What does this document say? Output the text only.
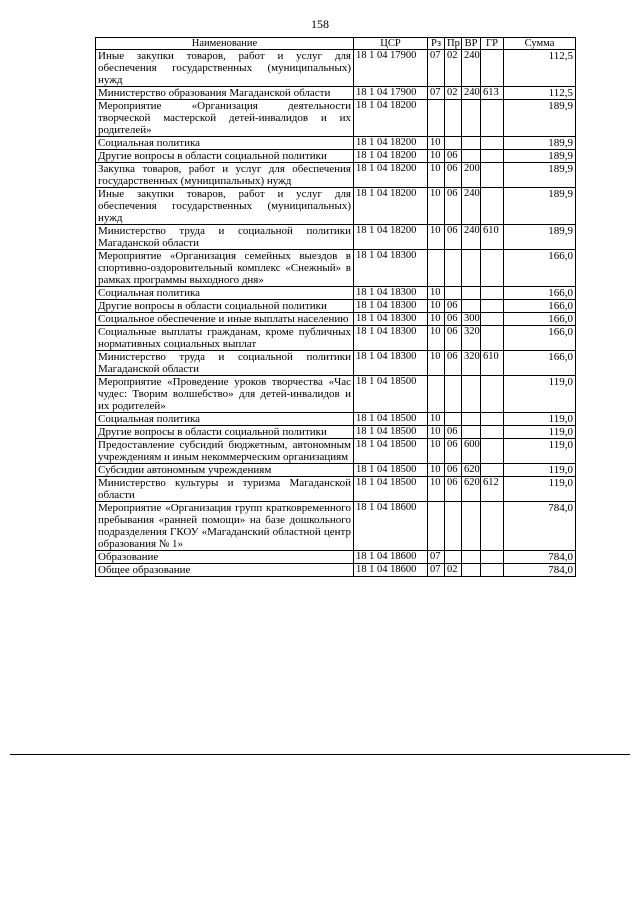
158
Наименование	ЦСР	Рз	Пр	ВР	ГР	Сумма
Иные закупки товаров, работ и услуг для обеспечения государственных (муниципальных) нужд	18 1 04 17900	07	02	240		112,5
Министерство образования Магаданской области	18 1 04 17900	07	02	240	613	112,5
Мероприятие «Организация деятельности творческой мастерской детей-инвалидов и их родителей»	18 1 04 18200					189,9
Социальная политика	18 1 04 18200	10				189,9
Другие вопросы в области социальной политики	18 1 04 18200	10	06			189,9
Закупка товаров, работ и услуг для обеспечения государственных (муниципальных) нужд	18 1 04 18200	10	06	200		189,9
Иные закупки товаров, работ и услуг для обеспечения государственных (муниципальных) нужд	18 1 04 18200	10	06	240		189,9
Министерство труда и социальной политики Магаданской области	18 1 04 18200	10	06	240	610	189,9
Мероприятие «Организация семейных выездов в спортивно-оздоровительный комплекс «Снежный» в рамках программы выходного дня»	18 1 04 18300					166,0
Социальная политика	18 1 04 18300	10				166,0
Другие вопросы в области социальной политики	18 1 04 18300	10	06			166,0
Социальное обеспечение и иные выплаты населению	18 1 04 18300	10	06	300		166,0
Социальные выплаты гражданам, кроме публичных нормативных социальных выплат	18 1 04 18300	10	06	320		166,0
Министерство труда и социальной политики Магаданской области	18 1 04 18300	10	06	320	610	166,0
Мероприятие «Проведение уроков творчества «Час чудес: Творим волшебство» для детей-инвалидов и их родителей»	18 1 04 18500					119,0
Социальная политика	18 1 04 18500	10				119,0
Другие вопросы в области социальной политики	18 1 04 18500	10	06			119,0
Предоставление субсидий бюджетным, автономным учреждениям и иным некоммерческим организациям	18 1 04 18500	10	06	600		119,0
Субсидии автономным учреждениям	18 1 04 18500	10	06	620		119,0
Министерство культуры и туризма Магаданской области	18 1 04 18500	10	06	620	612	119,0
Мероприятие «Организация групп кратковременного пребывания «ранней помощи» на базе дошкольного подразделения ГКОУ «Магаданский областной центр образования № 1»	18 1 04 18600					784,0
Образование	18 1 04 18600	07				784,0
Общее образование	18 1 04 18600	07	02			784,0
